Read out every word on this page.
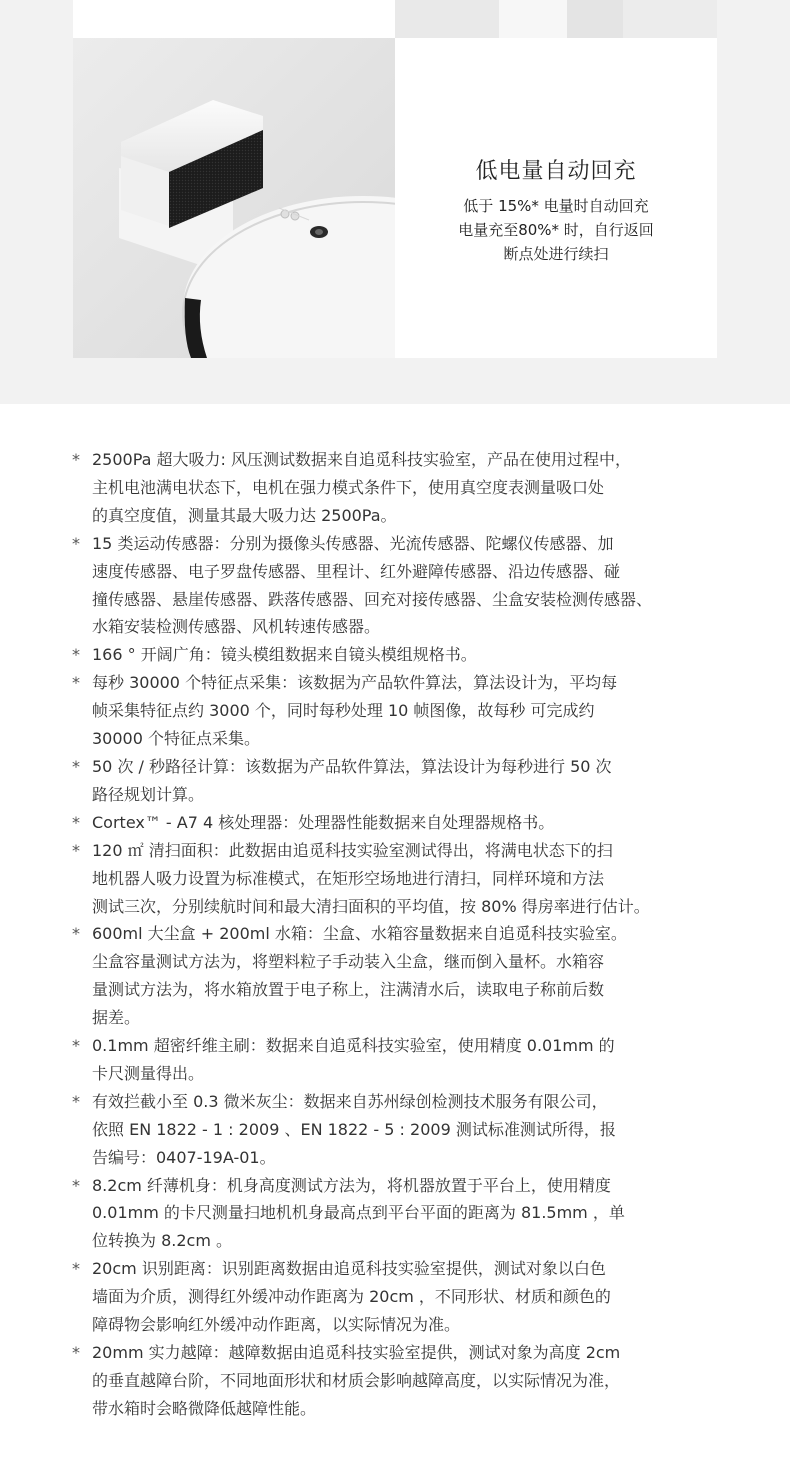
低电量自动回充
低于 15%* 电量时自动回充
电量充至80%* 时，自行返回
断点处进行续扫
* 2500Pa 超大吸力: 风压测试数据来自追觅科技实验室，产品在使用过程中，
主机电池满电状态下，电机在强力模式条件下，使用真空度表测量吸口处
的真空度值，测量其最大吸力达 2500Pa。
* 15 类运动传感器：分别为摄像头传感器、光流传感器、陀螺仪传感器、加
速度传感器、电子罗盘传感器、里程计、红外避障传感器、沿边传感器、碰
撞传感器、悬崖传感器、跌落传感器、回充对接传感器、尘盒安装检测传感器、
水箱安装检测传感器、风机转速传感器。
* 166 ° 开阔广角：镜头模组数据来自镜头模组规格书。
* 每秒 30000 个特征点采集：该数据为产品软件算法，算法设计为，平均每
帧采集特征点约 3000 个，同时每秒处理 10 帧图像，故每秒 可完成约
30000 个特征点采集。
* 50 次 / 秒路径计算：该数据为产品软件算法，算法设计为每秒进行 50 次
路径规划计算。
* Cortex™ - A7 4 核处理器：处理器性能数据来自处理器规格书。
* 120 ㎡ 清扫面积：此数据由追觅科技实验室测试得出，将满电状态下的扫
地机器人吸力设置为标准模式，在矩形空场地进行清扫，同样环境和方法
测试三次，分别续航时间和最大清扫面积的平均值，按 80% 得房率进行估计。
* 600ml 大尘盒 + 200ml 水箱：尘盒、水箱容量数据来自追觅科技实验室。
尘盒容量测试方法为，将塑料粒子手动装入尘盒，继而倒入量杯。水箱容
量测试方法为，将水箱放置于电子称上，注满清水后，读取电子称前后数
据差。
* 0.1mm 超密纤维主刷：数据来自追觅科技实验室，使用精度 0.01mm 的
卡尺测量得出。
* 有效拦截小至 0.3 微米灰尘：数据来自苏州绿创检测技术服务有限公司，
依照 EN 1822 - 1 : 2009 、EN 1822 - 5 : 2009 测试标准测试所得，报
告编号：0407-19A-01。
* 8.2cm 纤薄机身：机身高度测试方法为，将机器放置于平台上，使用精度
0.01mm 的卡尺测量扫地机机身最高点到平台平面的距离为 81.5mm ，单
位转换为 8.2cm 。
* 20cm 识别距离：识别距离数据由追觅科技实验室提供，测试对象以白色
墙面为介质，测得红外缓冲动作距离为 20cm ，不同形状、材质和颜色的
障碍物会影响红外缓冲动作距离，以实际情况为准。
* 20mm 实力越障：越障数据由追觅科技实验室提供，测试对象为高度 2cm
的垂直越障台阶，不同地面形状和材质会影响越障高度，以实际情况为准，
带水箱时会略微降低越障性能。
